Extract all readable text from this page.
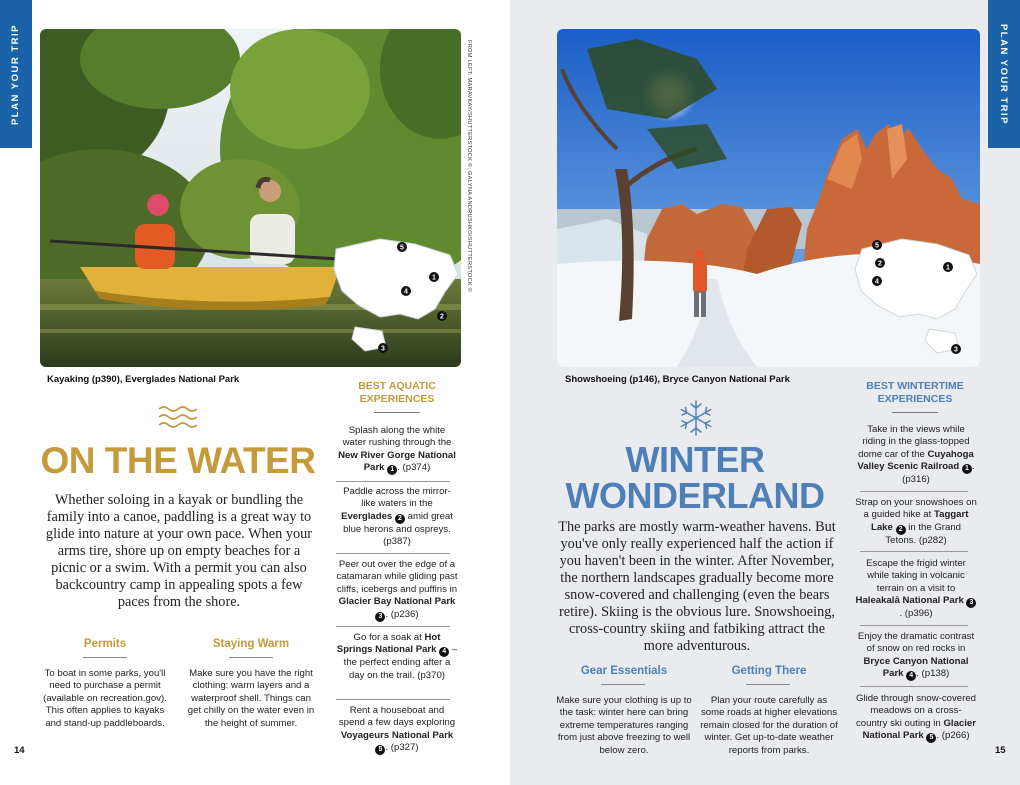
PLAN YOUR TRIP	PLAN YOUR TRIP
5
1
4
2
3
FROM LEFT: MARAVKAY/SHUTTERSTOCK ©; GALYNA ANDRUSHKO/SHUTTERSTOCK ©
Kayaking (p390), Everglades National Park
ON THE WATER
Whether soloing in a kayak or bundling the family into a canoe, paddling is a great way to glide into nature at your own pace. When your arms tire, shore up on empty beaches for a picnic or a swim. With a permit you can also backcountry camp in appealing spots a few paces from the shore.
Permits
To boat in some parks, you'll need to purchase a permit (available on recreation.gov). This often applies to kayaks and stand-up paddleboards.
Staying Warm
Make sure you have the right clothing: warm layers and a waterproof shell. Things can get chilly on the water even in the height of summer.
BEST AQUATIC
EXPERIENCES
Splash along the white water rushing through the New River Gorge National Park 1 . (p374)
Paddle across the mirror-like waters in the Everglades 2 amid great blue herons and ospreys. (p387)
Peer out over the edge of a catamaran while gliding past cliffs, icebergs and puffins in Glacier Bay National Park 3 . (p236)
Go for a soak at Hot Springs National Park 4 – the perfect ending after a day on the trail. (p370)
Rent a houseboat and spend a few days exploring Voyageurs National Park 5 . (p327)
14
5
2
4
1
3
Showshoeing (p146), Bryce Canyon National Park
WINTER
WONDERLAND
The parks are mostly warm-weather havens. But you've only really experienced half the action if you haven't been in the winter. After November, the northern landscapes gradually become more snow-covered and challenging (even the bears retire). Skiing is the obvious lure. Snowshoeing, cross-country skiing and fatbiking attract the more adventurous.
Gear Essentials
Make sure your clothing is up to the task: winter here can bring extreme temperatures ranging from just above freezing to well below zero.
Getting There
Plan your route carefully as some roads at higher elevations remain closed for the duration of winter. Get up-to-date weather reports from parks.
BEST WINTERTIME
EXPERIENCES
Take in the views while riding in the glass-topped dome car of the Cuyahoga Valley Scenic Railroad 1 . (p316)
Strap on your snowshoes on a guided hike at Taggart Lake 2 in the Grand Tetons. (p282)
Escape the frigid winter while taking in volcanic terrain on a visit to Haleakalā National Park 3. (p396)
Enjoy the dramatic contrast of snow on red rocks in Bryce Canyon National Park 4 . (p138)
Glide through snow-covered meadows on a cross-country ski outing in Glacier National Park 5 . (p266)
15
